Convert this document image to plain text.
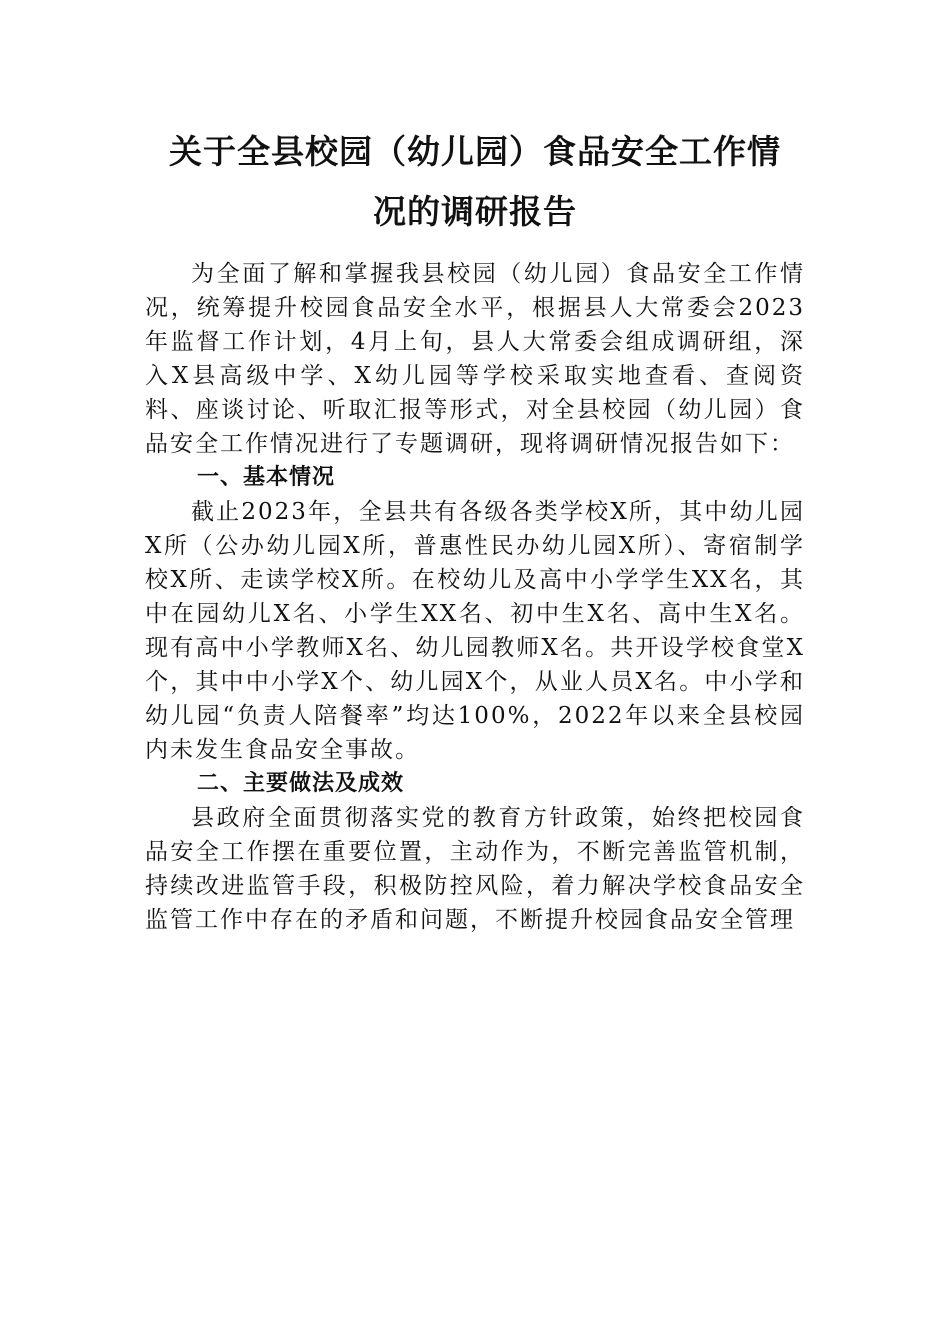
关于全县校园（幼儿园）食品安全工作情
况的调研报告

为全面了解和掌握我县校园（幼儿园）食品安全工作情况，统筹提升校园食品安全水平，根据县人大常委会2023年监督工作计划，4月上旬，县人大常委会组成调研组，深入X县高级中学、X幼儿园等学校采取实地查看、查阅资料、座谈讨论、听取汇报等形式，对全县校园（幼儿园）食品安全工作情况进行了专题调研，现将调研情况报告如下：

一、基本情况

截止2023年，全县共有各级各类学校X所，其中幼儿园X所（公办幼儿园X所，普惠性民办幼儿园X所）、寄宿制学校X所、走读学校X所。在校幼儿及高中小学学生XX名，其中在园幼儿X名、小学生XX名、初中生X名、高中生X名。现有高中小学教师X名、幼儿园教师X名。共开设学校食堂X个，其中中小学X个、幼儿园X个，从业人员X名。中小学和幼儿园“负责人陪餐率”均达100%，2022年以来全县校园内未发生食品安全事故。

二、主要做法及成效

县政府全面贯彻落实党的教育方针政策，始终把校园食品安全工作摆在重要位置，主动作为，不断完善监管机制，持续改进监管手段，积极防控风险，着力解决学校食品安全监管工作中存在的矛盾和问题，不断提升校园食品安全管理
